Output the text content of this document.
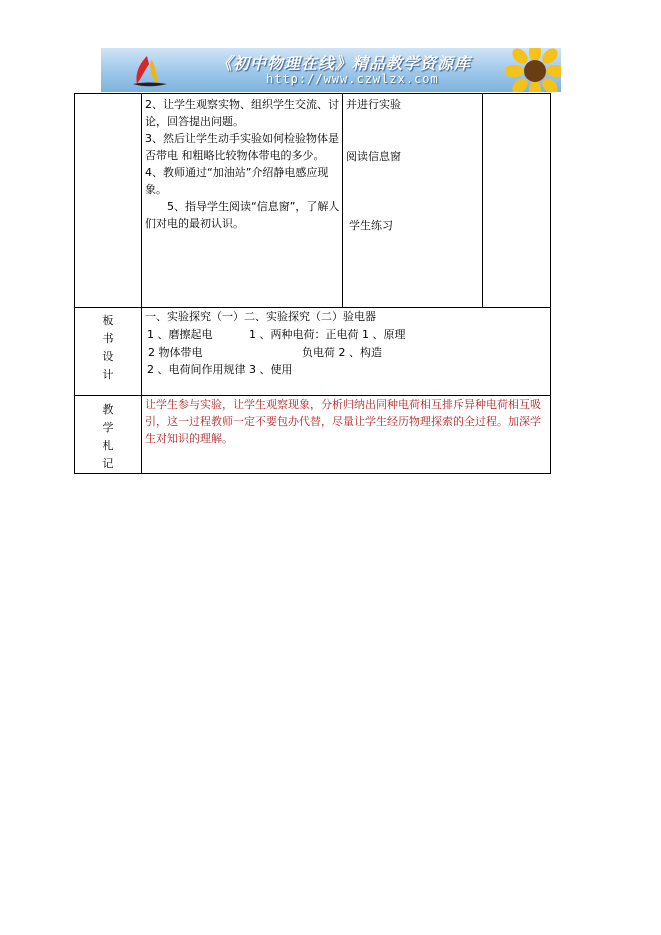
《初中物理在线》精品教学资源库
http://www.czwlzx.com

2、让学生观察实物、组织学生交流、讨论，回答提出问题。

3、然后让学生动手实验如何检验物体是否带电 和粗略比较物体带电的多少。

4、教师通过“加油站”介绍静电感应现象。

5、指导学生阅读“信息窗”，了解人们对电的最初认识。

并进行实验
阅读信息窗
学生练习
板
书
设
计
一、实验探究（一）二、实验探究（二）验电器
1 、磨擦起电	1 、两种电荷：正电荷 1 、原理
2 物体带电	负电荷 2 、构造
2 、电荷间作用规律 3 、使用
教
学
札
记
让学生参与实验，让学生观察现象，分析归纳出同种电荷相互排斥异种电荷相互吸引，这一过程教师一定不要包办代替，尽量让学生经历物理探索的全过程。加深学生对知识的理解。
